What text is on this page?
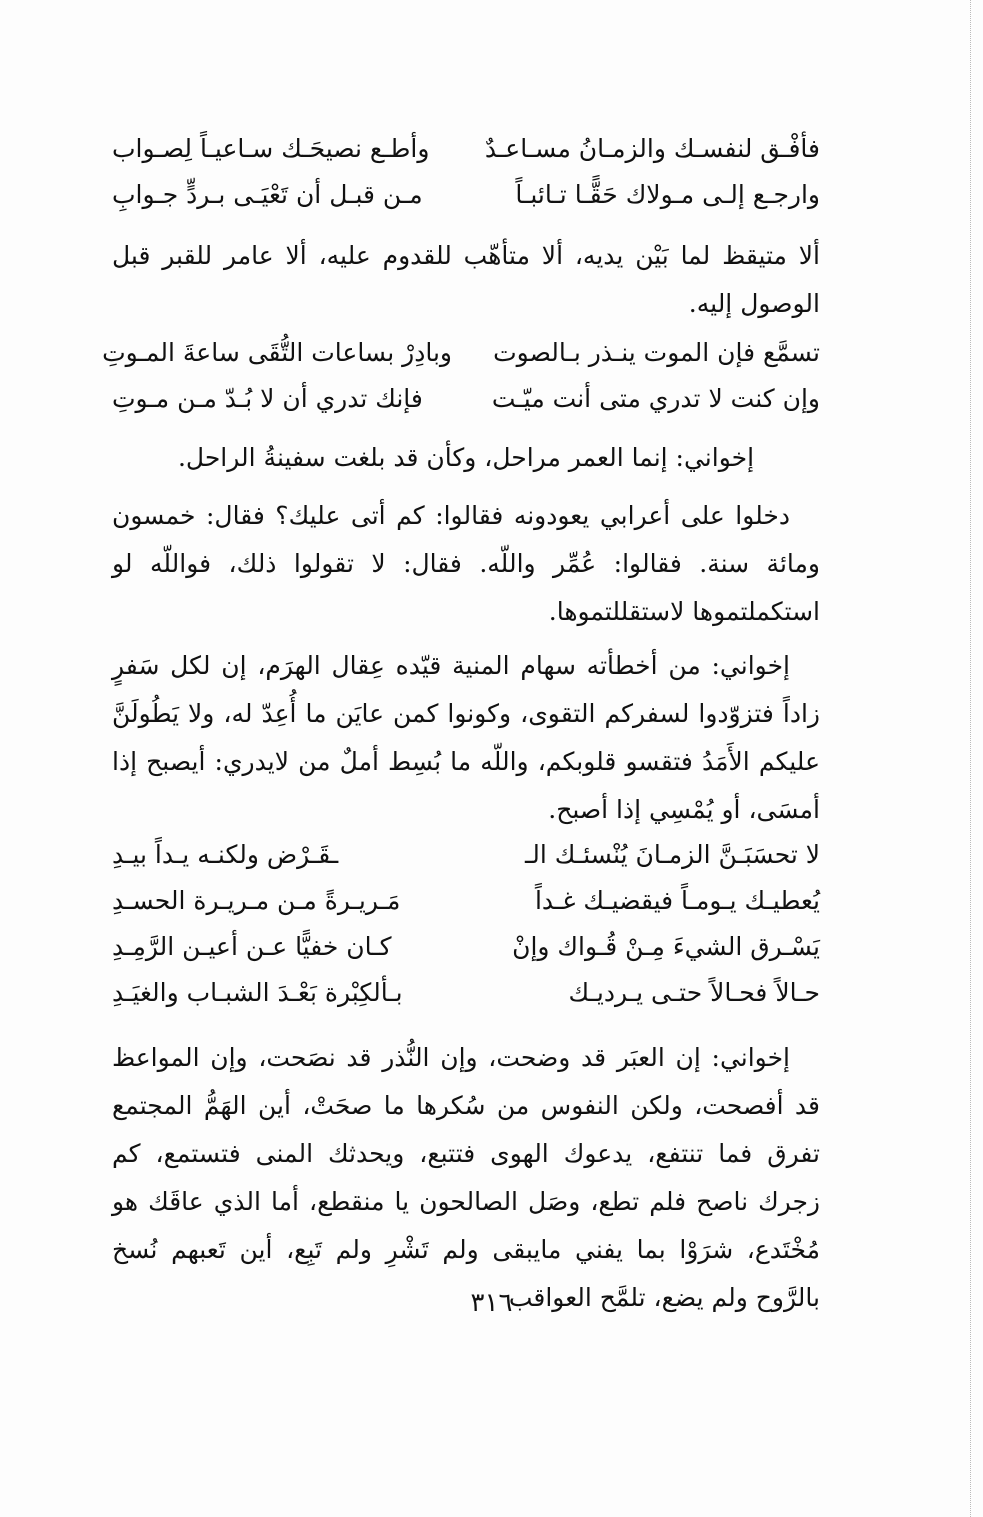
فأفْـق لنفسـك والزمـانُ مسـاعـدٌ
وأطـع نصيحَـك سـاعيـاً لِصـواب
وارجـع إلـى مـولاك حَقًّـا تـائبـاً
مـن قبـل أن تَعْيَـى بـردٍّ جـوابِ
ألا متيقظ لما بَيْن يديه، ألا متأهّب للقدوم عليه، ألا عامر للقبر قبل الوصول إليه.
تسمَّع فإن الموت ينـذر بـالصوت
وبادِرْ بساعات التُّقَى ساعةَ المـوتِ
وإن كنت لا تدري متى أنت ميّـت
فإنك تدري أن لا بُـدّ مـن مـوتِ
إخواني: إنما العمر مراحل، وكأن قد بلغت سفينةُ الراحل.
دخلوا على أعرابي يعودونه فقالوا: كم أتى عليك؟ فقال: خمسون ومائة سنة. فقالوا: عُمِّر واللّه. فقال: لا تقولوا ذلك، فواللّه لو استكملتموها لاستقللتموها.
إخواني: من أخطأته سهام المنية قيّده عِقال الهرَم، إن لكل سَفرٍ زاداً فتزوّدوا لسفركم التقوى، وكونوا كمن عايَن ما أُعِدّ له، ولا يَطُولَنَّ عليكم الأَمَدُ فتقسو قلوبكم، واللّه ما بُسِط أملٌ من لايدري: أيصبح إذا أمسَى، أو يُمْسِي إذا أصبح.
لا تحسَبَـنَّ الزمـانَ يُنْسئـك الـ
ـقَـرْض ولكنـه يـداً بيـدِ
يُعطيـك يـومـاً فيقضيـك غـداً
مَـريـرةً مـن مـريـرة الحسـدِ
يَسْـرق الشيءَ مِـنْ قُـواك وإنْ
كـان خفيًّا عـن أعيـن الرَّمِـدِ
حـالاً فحـالاً حتـى يـرديـك
بـألكِبْرة بَعْـدَ الشبـاب والغيَـدِ
إخواني: إن العبَر قد وضحت، وإن النُّذر قد نصَحت، وإن المواعظ قد أفصحت، ولكن النفوس من سُكرها ما صحَتْ، أين الهَمُّ المجتمع تفرق فما تنتفع، يدعوك الهوى فتتبع، ويحدثك المنى فتستمع، كم زجرك ناصح فلم تطع، وصَل الصالحون يا منقطع، أما الذي عاقَك هو مُخْتَدع، شرَوْا بما يفني مايبقى ولم تَشْرِ ولم تَبِع، أين تَعبهم نُسخ بالرَّوح ولم يضع، تلمَّح العواقب
٣١٦
